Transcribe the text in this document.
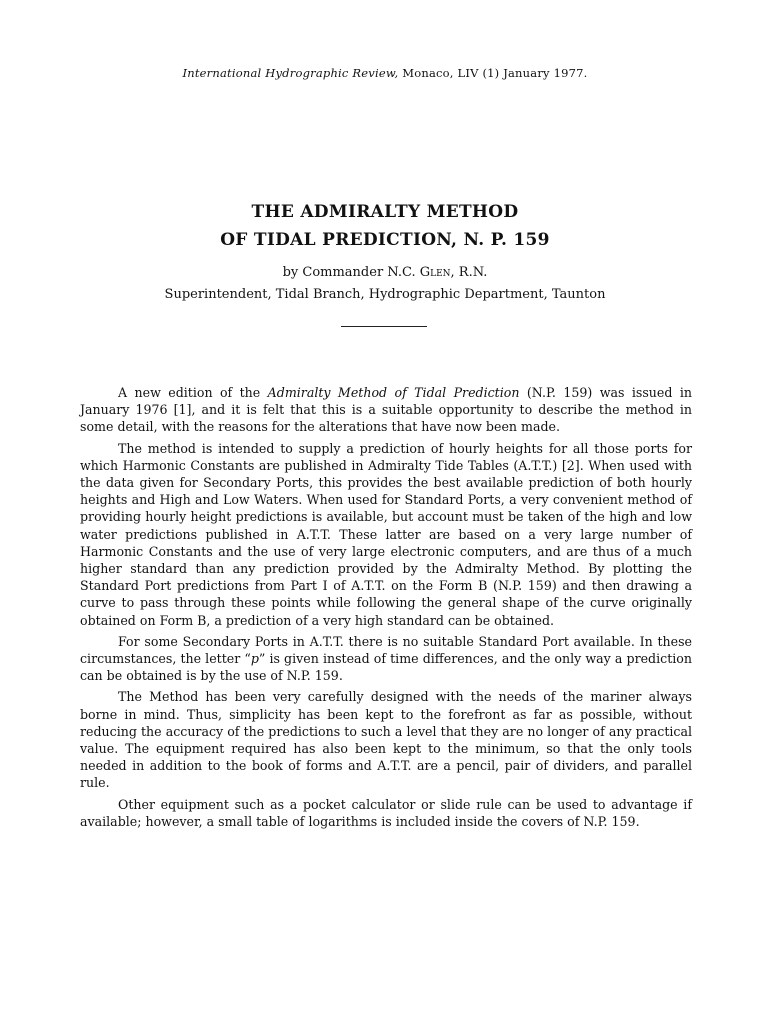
International Hydrographic Review, Monaco, LIV (1) January 1977.
THE ADMIRALTY METHOD
OF TIDAL PREDICTION, N. P. 159
by Commander N.C. Glen, R.N.
Superintendent, Tidal Branch, Hydrographic Department, Taunton

A new edition of the Admiralty Method of Tidal Prediction (N.P. 159) was issued in January 1976 [1], and it is felt that this is a suitable opportunity to describe the method in some detail, with the reasons for the alterations that have now been made.

The method is intended to supply a prediction of hourly heights for all those ports for which Harmonic Constants are published in Admiralty Tide Tables (A.T.T.) [2]. When used with the data given for Secondary Ports, this provides the best available prediction of both hourly heights and High and Low Waters. When used for Standard Ports, a very convenient method of providing hourly height predictions is available, but account must be taken of the high and low water predictions published in A.T.T. These latter are based on a very large number of Harmonic Constants and the use of very large electronic computers, and are thus of a much higher standard than any prediction provided by the Admiralty Method. By plotting the Standard Port predictions from Part I of A.T.T. on the Form B (N.P. 159) and then drawing a curve to pass through these points while following the general shape of the curve originally obtained on Form B, a prediction of a very high standard can be obtained.

For some Secondary Ports in A.T.T. there is no suitable Standard Port available. In these circumstances, the letter “p” is given instead of time differences, and the only way a prediction can be obtained is by the use of N.P. 159.

The Method has been very carefully designed with the needs of the mariner always borne in mind. Thus, simplicity has been kept to the forefront as far as possible, without reducing the accuracy of the predictions to such a level that they are no longer of any practical value. The equipment required has also been kept to the minimum, so that the only tools needed in addition to the book of forms and A.T.T. are a pencil, pair of dividers, and parallel rule.

Other equipment such as a pocket calculator or slide rule can be used to advantage if available; however, a small table of logarithms is included inside the covers of N.P. 159.
